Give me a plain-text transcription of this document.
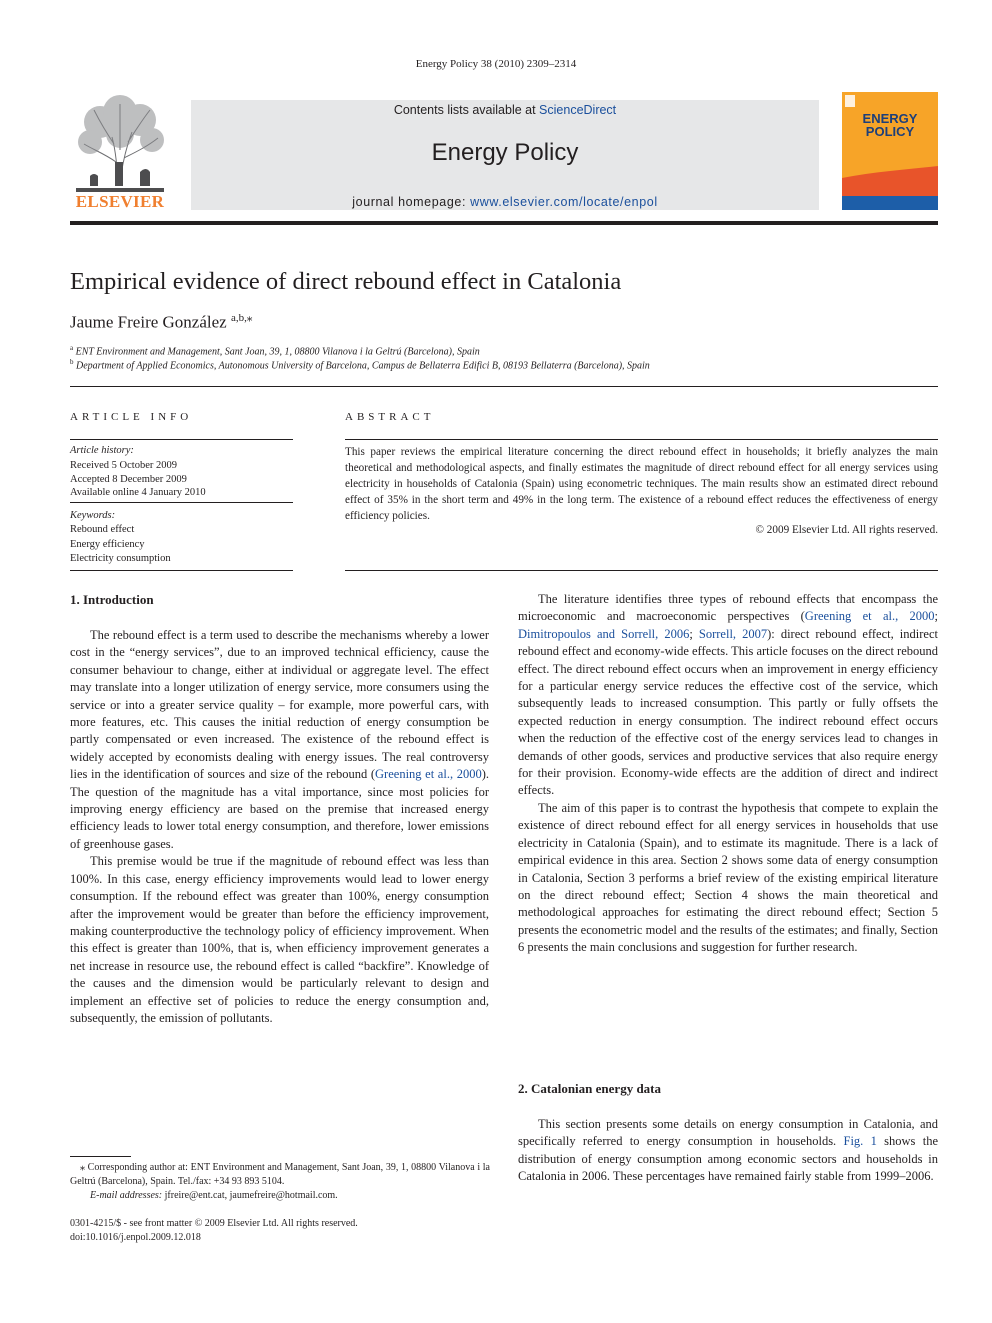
Energy Policy 38 (2010) 2309–2314
ELSEVIER
Contents lists available at ScienceDirect
Energy Policy
journal homepage: www.elsevier.com/locate/enpol
ENERGY
POLICY
Empirical evidence of direct rebound effect in Catalonia
Jaume Freire González $^{a,b,⁎}$
$^a$ ENT Environment and Management, Sant Joan, 39, 1, 08800 Vilanova i la Geltrú (Barcelona), Spain
$^b$ Department of Applied Economics, Autonomous University of Barcelona, Campus de Bellaterra Edifici B, 08193 Bellaterra (Barcelona), Spain
ARTICLE INFO
Article history:
Received 5 October 2009
Accepted 8 December 2009
Available online 4 January 2010
Keywords:
Rebound effect
Energy efficiency
Electricity consumption
ABSTRACT
This paper reviews the empirical literature concerning the direct rebound effect in households; it briefly analyzes the main theoretical and methodological aspects, and finally estimates the magnitude of direct rebound effect for all energy services using electricity in households of Catalonia (Spain) using econometric techniques. The main results show an estimated direct rebound effect of 35% in the short term and 49% in the long term. The existence of a rebound effect reduces the effectiveness of energy efficiency policies.
© 2009 Elsevier Ltd. All rights reserved.
1. Introduction

The rebound effect is a term used to describe the mechanisms whereby a lower cost in the “energy services”, due to an improved technical efficiency, cause the consumer behaviour to change, either at individual or aggregate level. The effect may translate into a longer utilization of energy service, more consumers using the service or into a greater service quality – for example, more powerful cars, with more features, etc. This causes the initial reduction of energy consumption be partly compensated or even increased. The existence of the rebound effect is widely accepted by economists dealing with energy issues. The real controversy lies in the identification of sources and size of the rebound (Greening et al., 2000). The question of the magnitude has a vital importance, since most policies for improving energy efficiency are based on the premise that increased energy efficiency leads to lower total energy consumption, and therefore, lower emissions of greenhouse gases.

This premise would be true if the magnitude of rebound effect was less than 100%. In this case, energy efficiency improvements would lead to lower energy consumption. If the rebound effect was greater than 100%, energy consumption after the improvement would be greater than before the efficiency improvement, making counterproductive the technology policy of efficiency improvement. When this effect is greater than 100%, that is, when efficiency improvement generates a net increase in resource use, the rebound effect is called “backfire”. Knowledge of the causes and the dimension would be particularly relevant to design and implement an effective set of policies to reduce the energy consumption and, subsequently, the emission of pollutants.

The literature identifies three types of rebound effects that encompass the microeconomic and macroeconomic perspectives (Greening et al., 2000; Dimitropoulos and Sorrell, 2006; Sorrell, 2007): direct rebound effect, indirect rebound effect and economy-wide effects. This article focuses on the direct rebound effect. The direct rebound effect occurs when an improvement in energy efficiency for a particular energy service reduces the effective cost of the service, which subsequently leads to increased consumption. This partly or fully offsets the expected reduction in energy consumption. The indirect rebound effect occurs when the reduction of the effective cost of the energy services lead to changes in demands of other goods, services and productive services that also require energy for their provision. Economy-wide effects are the addition of direct and indirect effects.

The aim of this paper is to contrast the hypothesis that compete to explain the existence of direct rebound effect for all energy services in households that use electricity in Catalonia (Spain), and to estimate its magnitude. There is a lack of empirical evidence in this area. Section 2 shows some data of energy consumption in Catalonia, Section 3 performs a brief review of the existing empirical literature on the direct rebound effect; Section 4 shows the main theoretical and methodological approaches for estimating the direct rebound effect; Section 5 presents the econometric model and the results of the estimates; and finally, Section 6 presents the main conclusions and suggestion for further research.

2. Catalonian energy data

This section presents some details on energy consumption in Catalonia, and specifically referred to energy consumption in households. Fig. 1 shows the distribution of energy consumption among economic sectors and households in Catalonia in 2006. These percentages have remained fairly stable from 1999–2006.

⁎ Corresponding author at: ENT Environment and Management, Sant Joan, 39, 1, 08800 Vilanova i la Geltrú (Barcelona), Spain. Tel./fax: +34 93 893 5104.
E-mail addresses: jfreire@ent.cat, jaumefreire@hotmail.com.
0301-4215/$ - see front matter © 2009 Elsevier Ltd. All rights reserved.
doi:10.1016/j.enpol.2009.12.018
